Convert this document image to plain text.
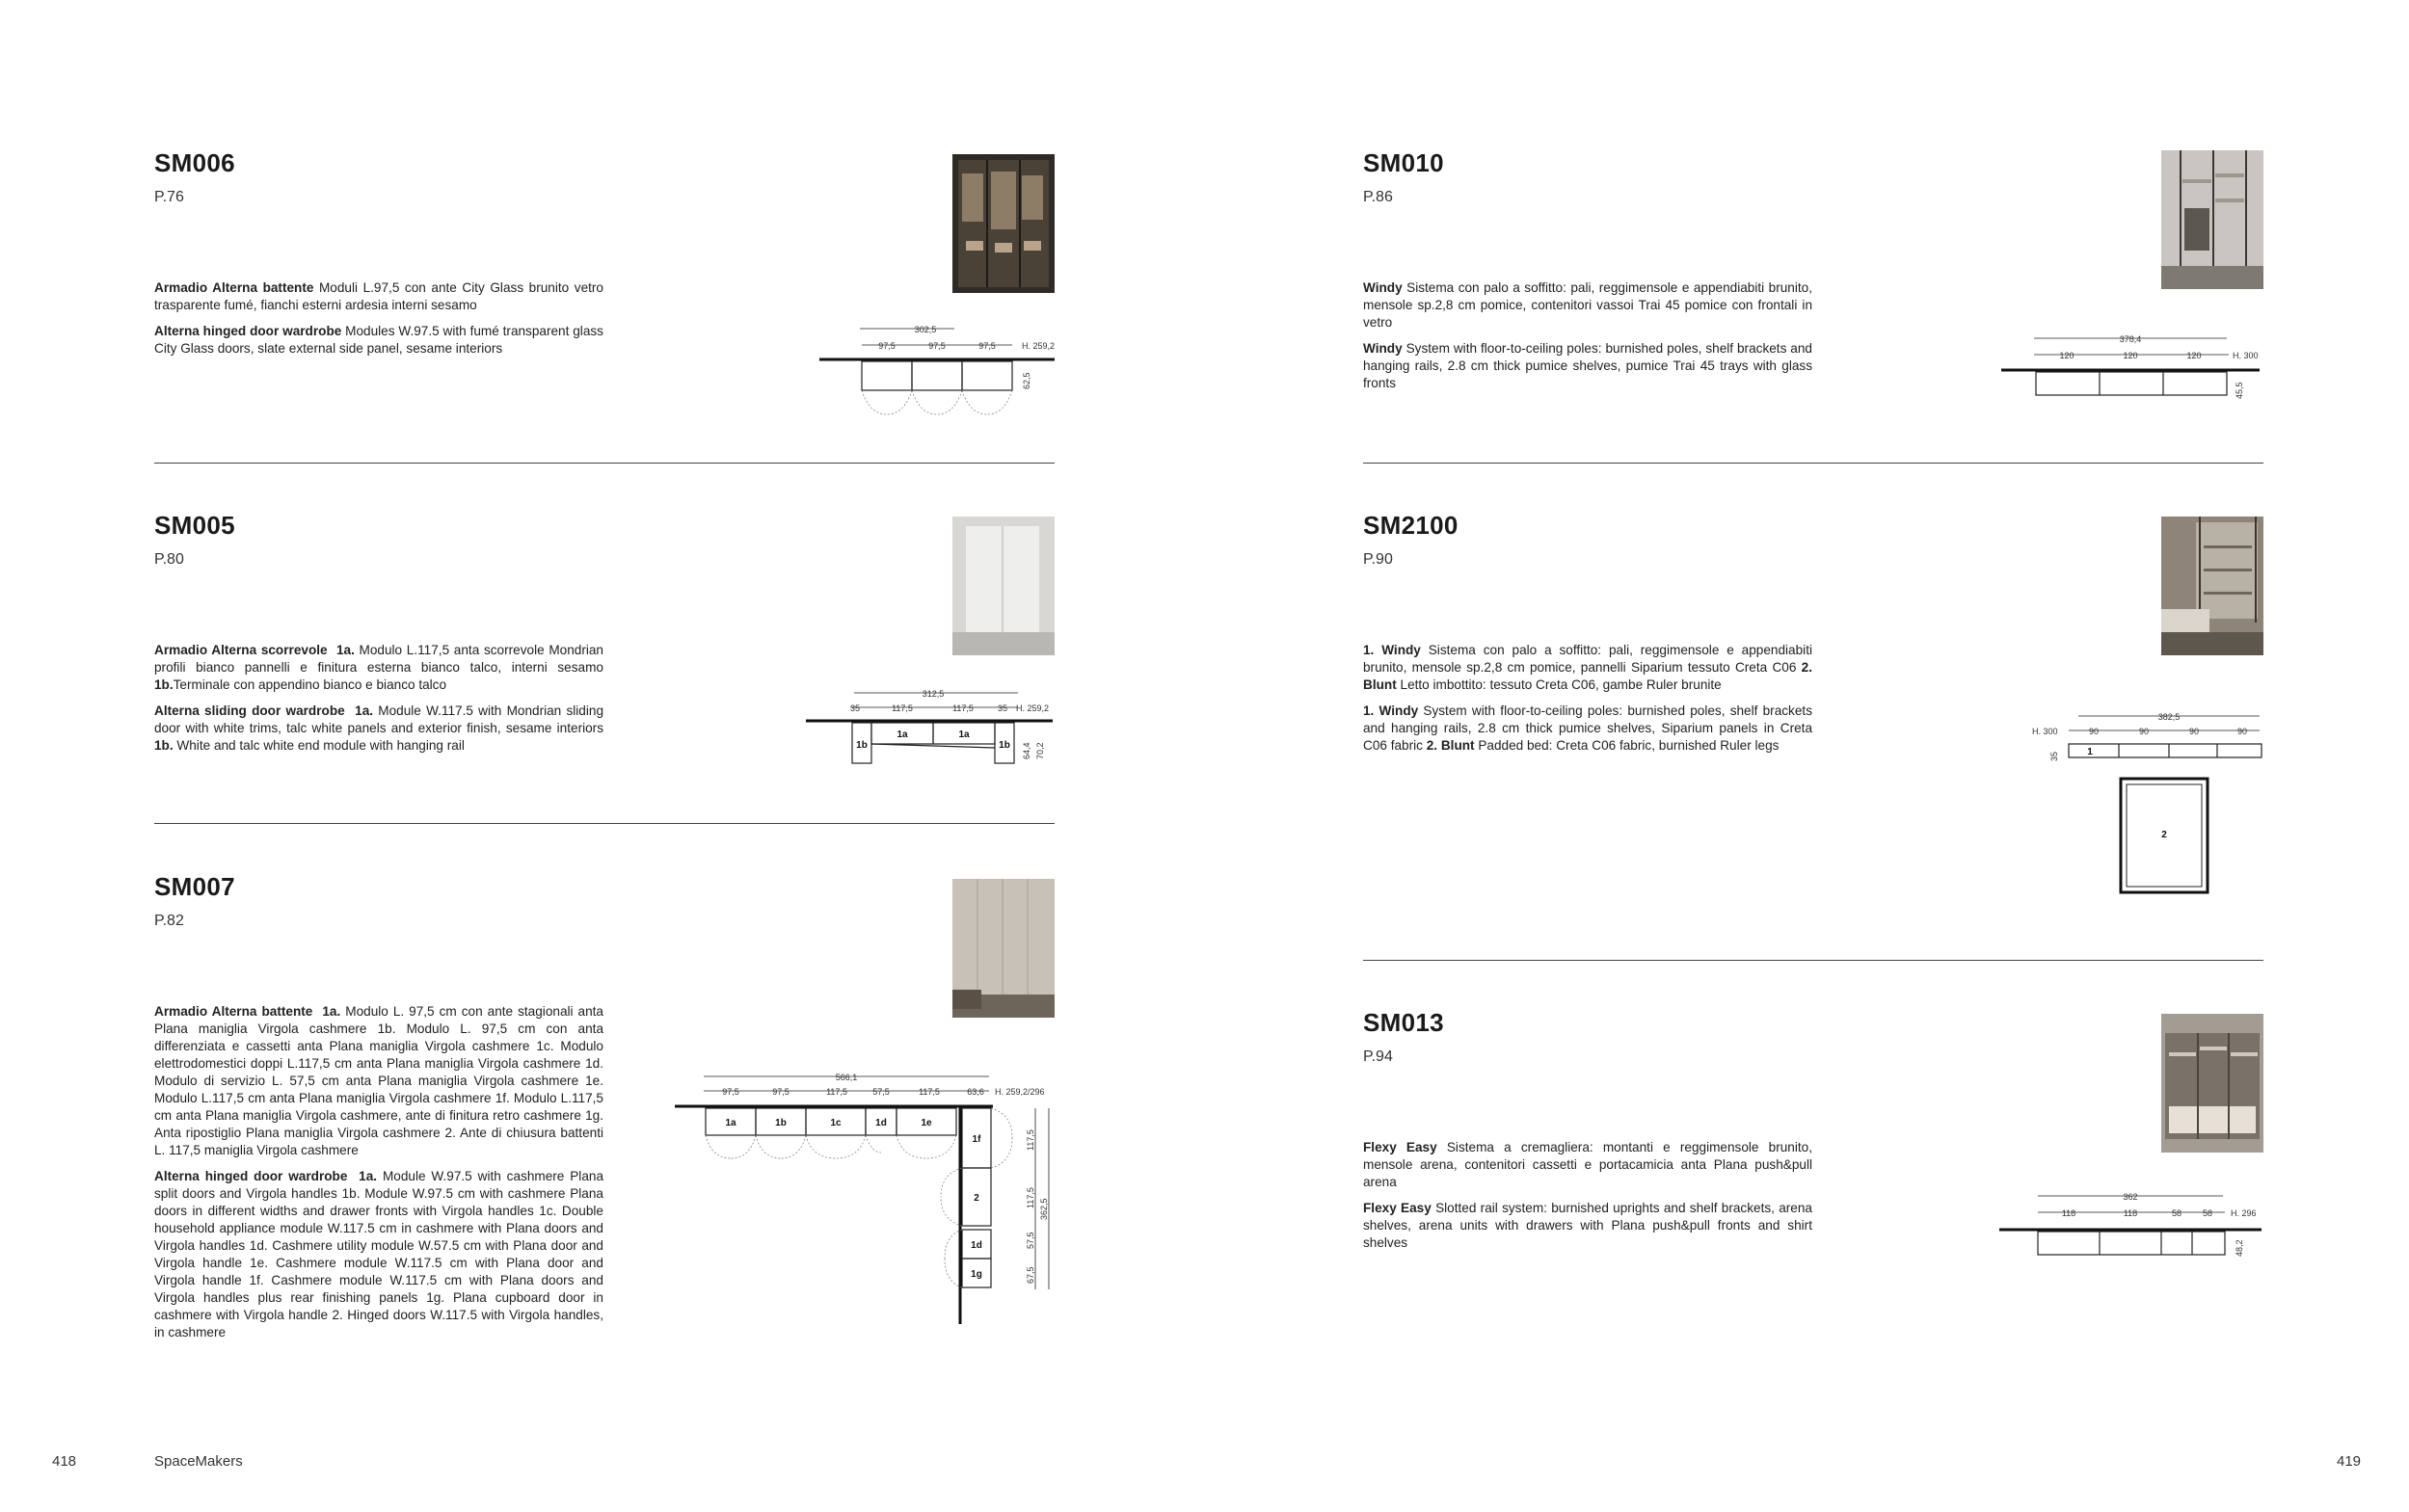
SM006
P.76

Armadio Alterna battente Moduli L.97,5 con ante City Glass brunito vetro trasparente fumé, fianchi esterni ardesia interni sesamo

Alterna hinged door wardrobe Modules W.97.5 with fumé transparent glass City Glass doors, slate external side panel, sesame interiors

302,5
97,5	97,5	97,5	H. 259,2
62,5
SM005
P.80

Armadio Alterna scorrevole 1a. Modulo L.117,5 anta scorrevole Mondrian profili bianco pannelli e finitura esterna bianco talco, interni sesamo 1b.Terminale con appendino bianco e bianco talco

Alterna sliding door wardrobe 1a. Module W.117.5 with Mondrian sliding door with white trims, talc white panels and exterior finish, sesame interiors 1b. White and talc white end module with hanging rail

312,5
35	117,5	117,5	35 H. 259,2
1b
1a	1a
1b 64,4 70,2
SM007
P.82

Armadio Alterna battente 1a. Modulo L. 97,5 cm con ante stagionali anta Plana maniglia Virgola cashmere 1b. Modulo L. 97,5 cm con anta differenziata e cassetti anta Plana maniglia Virgola cashmere 1c. Modulo elettrodomestici doppi L.117,5 cm anta Plana maniglia Virgola cashmere 1d. Modulo di servizio L. 57,5 cm anta Plana maniglia Virgola cashmere 1e. Modulo L.117,5 cm anta Plana maniglia Virgola cashmere 1f. Modulo L.117,5 cm anta Plana maniglia Virgola cashmere, ante di finitura retro cashmere 1g. Anta ripostiglio Plana maniglia Virgola cashmere 2. Ante di chiusura battenti L. 117,5 maniglia Virgola cashmere

Alterna hinged door wardrobe 1a. Module W.97.5 with cashmere Plana split doors and Virgola handles 1b. Module W.97.5 cm with cashmere Plana doors in different widths and drawer fronts with Virgola handles 1c. Double household appliance module W.117.5 cm in cashmere with Plana doors and Virgola handles 1d. Cashmere utility module W.57.5 cm with Plana door and Virgola handle 1e. Cashmere module W.117.5 cm with Plana door and Virgola handle 1f. Cashmere module W.117.5 cm with Plana doors and Virgola handles plus rear finishing panels 1g. Plana cupboard door in cashmere with Virgola handle 2. Hinged doors W.117.5 with Virgola handles, in cashmere

566,1
97,5	97,5	117,5	57,5	117,5	63,6 H. 259,2/296
1a	1b	1c	1d	1e
1f
2
1d
1g
117,5
117,5
57,5
67,5
362,5
SM010
P.86

Windy Sistema con palo a soffitto: pali, reggimensole e appendiabiti brunito, mensole sp.2,8 cm pomice, contenitori vassoi Trai 45 pomice con frontali in vetro

Windy System with floor-to-ceiling poles: burnished poles, shelf brackets and hanging rails, 2.8 cm thick pumice shelves, pumice Trai 45 trays with glass fronts

378,4
120	120	120	H. 300
45,5
SM2100
P.90

1. Windy Sistema con palo a soffitto: pali, reggimensole e appendiabiti brunito, mensole sp.2,8 cm pomice, pannelli Siparium tessuto Creta C06 2. Blunt Letto imbottito: tessuto Creta C06, gambe Ruler brunite

1. Windy System with floor-to-ceiling poles: burnished poles, shelf brackets and hanging rails, 2.8 cm thick pumice shelves, Siparium panels in Creta C06 fabric 2. Blunt Padded bed: Creta C06 fabric, burnished Ruler legs

382,5
H. 300	90	90	90	90
35	1
2
SM013
P.94

Flexy Easy Sistema a cremagliera: montanti e reggimensole brunito, mensole arena, contenitori cassetti e portacamicia anta Plana push&pull arena

Flexy Easy Slotted rail system: burnished uprights and shelf brackets, arena shelves, arena units with drawers with Plana push&pull fronts and shirt shelves

362
118	118	58 58 H. 296
48,2
418	SpaceMakers	419
